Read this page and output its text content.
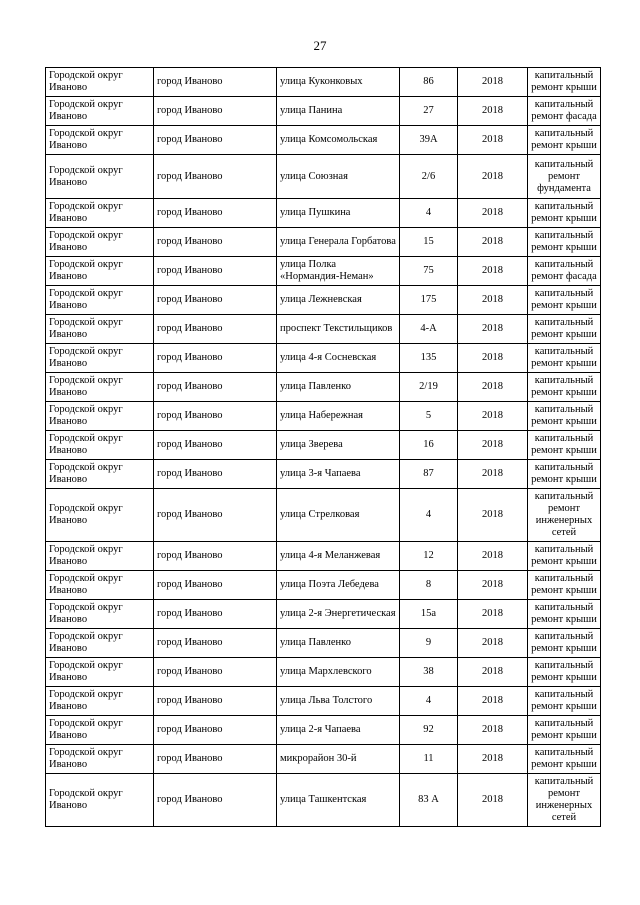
27
Городской округ Иваново	город Иваново	улица Куконковых	86	2018	капитальный ремонт крыши
Городской округ Иваново	город Иваново	улица Панина	27	2018	капитальный ремонт фасада
Городской округ Иваново	город Иваново	улица Комсомольская	39А	2018	капитальный ремонт крыши
Городской округ Иваново	город Иваново	улица Союзная	2/6	2018	капитальный ремонт фундамента
Городской округ Иваново	город Иваново	улица Пушкина	4	2018	капитальный ремонт крыши
Городской округ Иваново	город Иваново	улица Генерала Горбатова	15	2018	капитальный ремонт крыши
Городской округ Иваново	город Иваново	улица Полка «Нормандия-Неман»	75	2018	капитальный ремонт фасада
Городской округ Иваново	город Иваново	улица Лежневская	175	2018	капитальный ремонт крыши
Городской округ Иваново	город Иваново	проспект Текстильщиков	4-А	2018	капитальный ремонт крыши
Городской округ Иваново	город Иваново	улица 4-я Сосневская	135	2018	капитальный ремонт крыши
Городской округ Иваново	город Иваново	улица Павленко	2/19	2018	капитальный ремонт крыши
Городской округ Иваново	город Иваново	улица Набережная	5	2018	капитальный ремонт крыши
Городской округ Иваново	город Иваново	улица Зверева	16	2018	капитальный ремонт крыши
Городской округ Иваново	город Иваново	улица 3-я Чапаева	87	2018	капитальный ремонт крыши
Городской округ Иваново	город Иваново	улица Стрелковая	4	2018	капитальный ремонт инженерных сетей
Городской округ Иваново	город Иваново	улица 4-я Меланжевая	12	2018	капитальный ремонт крыши
Городской округ Иваново	город Иваново	улица Поэта Лебедева	8	2018	капитальный ремонт крыши
Городской округ Иваново	город Иваново	улица 2-я Энергетическая	15а	2018	капитальный ремонт крыши
Городской округ Иваново	город Иваново	улица Павленко	9	2018	капитальный ремонт крыши
Городской округ Иваново	город Иваново	улица Мархлевского	38	2018	капитальный ремонт крыши
Городской округ Иваново	город Иваново	улица Льва Толстого	4	2018	капитальный ремонт крыши
Городской округ Иваново	город Иваново	улица 2-я Чапаева	92	2018	капитальный ремонт крыши
Городской округ Иваново	город Иваново	микрорайон 30-й	11	2018	капитальный ремонт крыши
Городской округ Иваново	город Иваново	улица Ташкентская	83 А	2018	капитальный ремонт инженерных сетей
